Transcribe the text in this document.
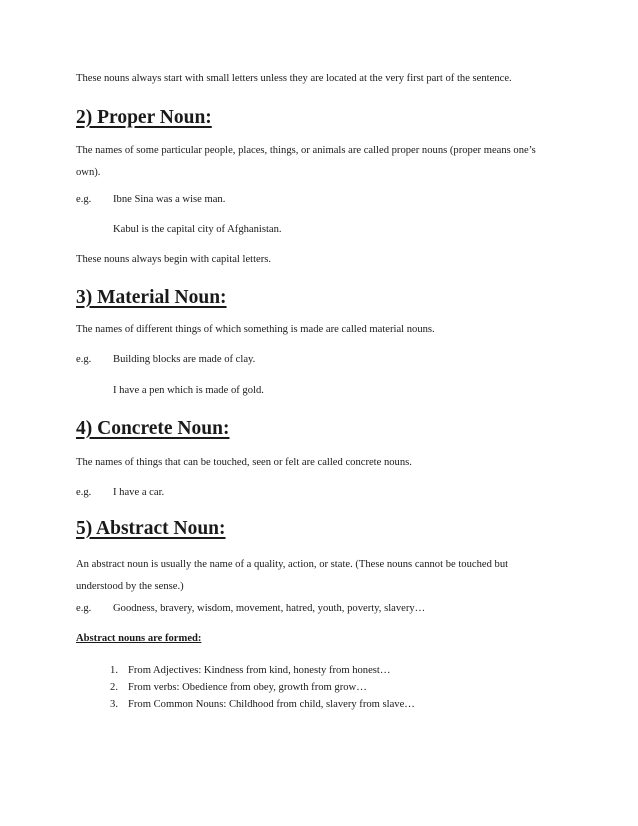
These nouns always start with small letters unless they are located at the very first part of the sentence.

2) Proper Noun:

The names of some particular people, places, things, or animals are called proper nouns (proper means one’s own).

e.g. Ibne Sina was a wise man.
Kabul is the capital city of Afghanistan.

These nouns always begin with capital letters.

3) Material Noun:

The names of different things of which something is made are called material nouns.

e.g. Building blocks are made of clay.
I have a pen which is made of gold.
4) Concrete Noun:

The names of things that can be touched, seen or felt are called concrete nouns.

e.g. I have a car.
5) Abstract Noun:

An abstract noun is usually the name of a quality, action, or state. (These nouns cannot be touched but understood by the sense.)

e.g. Goodness, bravery, wisdom, movement, hatred, youth, poverty, slavery…
Abstract nouns are formed:
1. From Adjectives: Kindness from kind, honesty from honest…
2. From verbs: Obedience from obey, growth from grow…
3. From Common Nouns: Childhood from child, slavery from slave…
